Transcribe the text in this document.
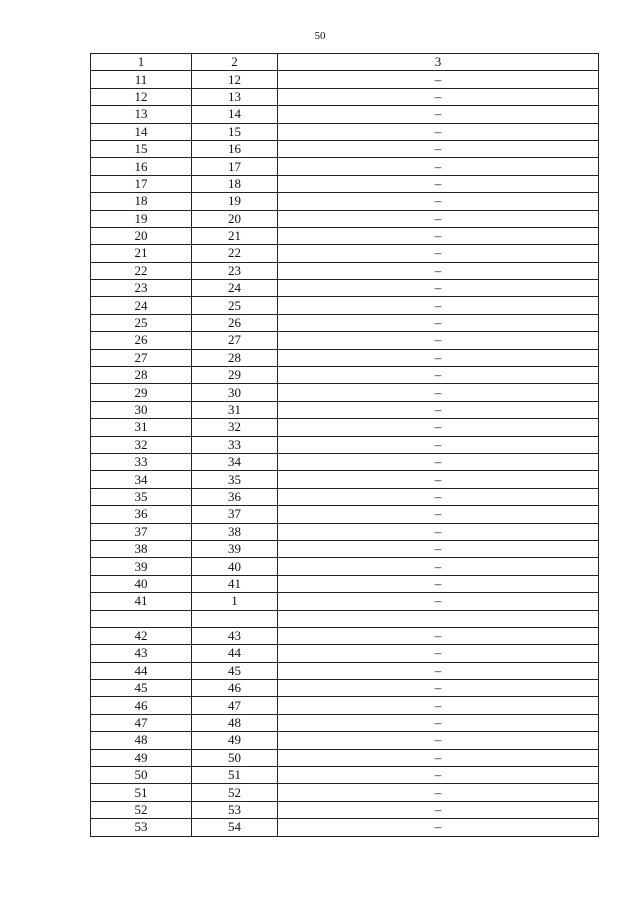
50
1	2	3
11	12	–
12	13	–
13	14	–
14	15	–
15	16	–
16	17	–
17	18	–
18	19	–
19	20	–
20	21	–
21	22	–
22	23	–
23	24	–
24	25	–
25	26	–
26	27	–
27	28	–
28	29	–
29	30	–
30	31	–
31	32	–
32	33	–
33	34	–
34	35	–
35	36	–
36	37	–
37	38	–
38	39	–
39	40	–
40	41	–
41	1	–

42	43	–
43	44	–
44	45	–
45	46	–
46	47	–
47	48	–
48	49	–
49	50	–
50	51	–
51	52	–
52	53	–
53	54	–
